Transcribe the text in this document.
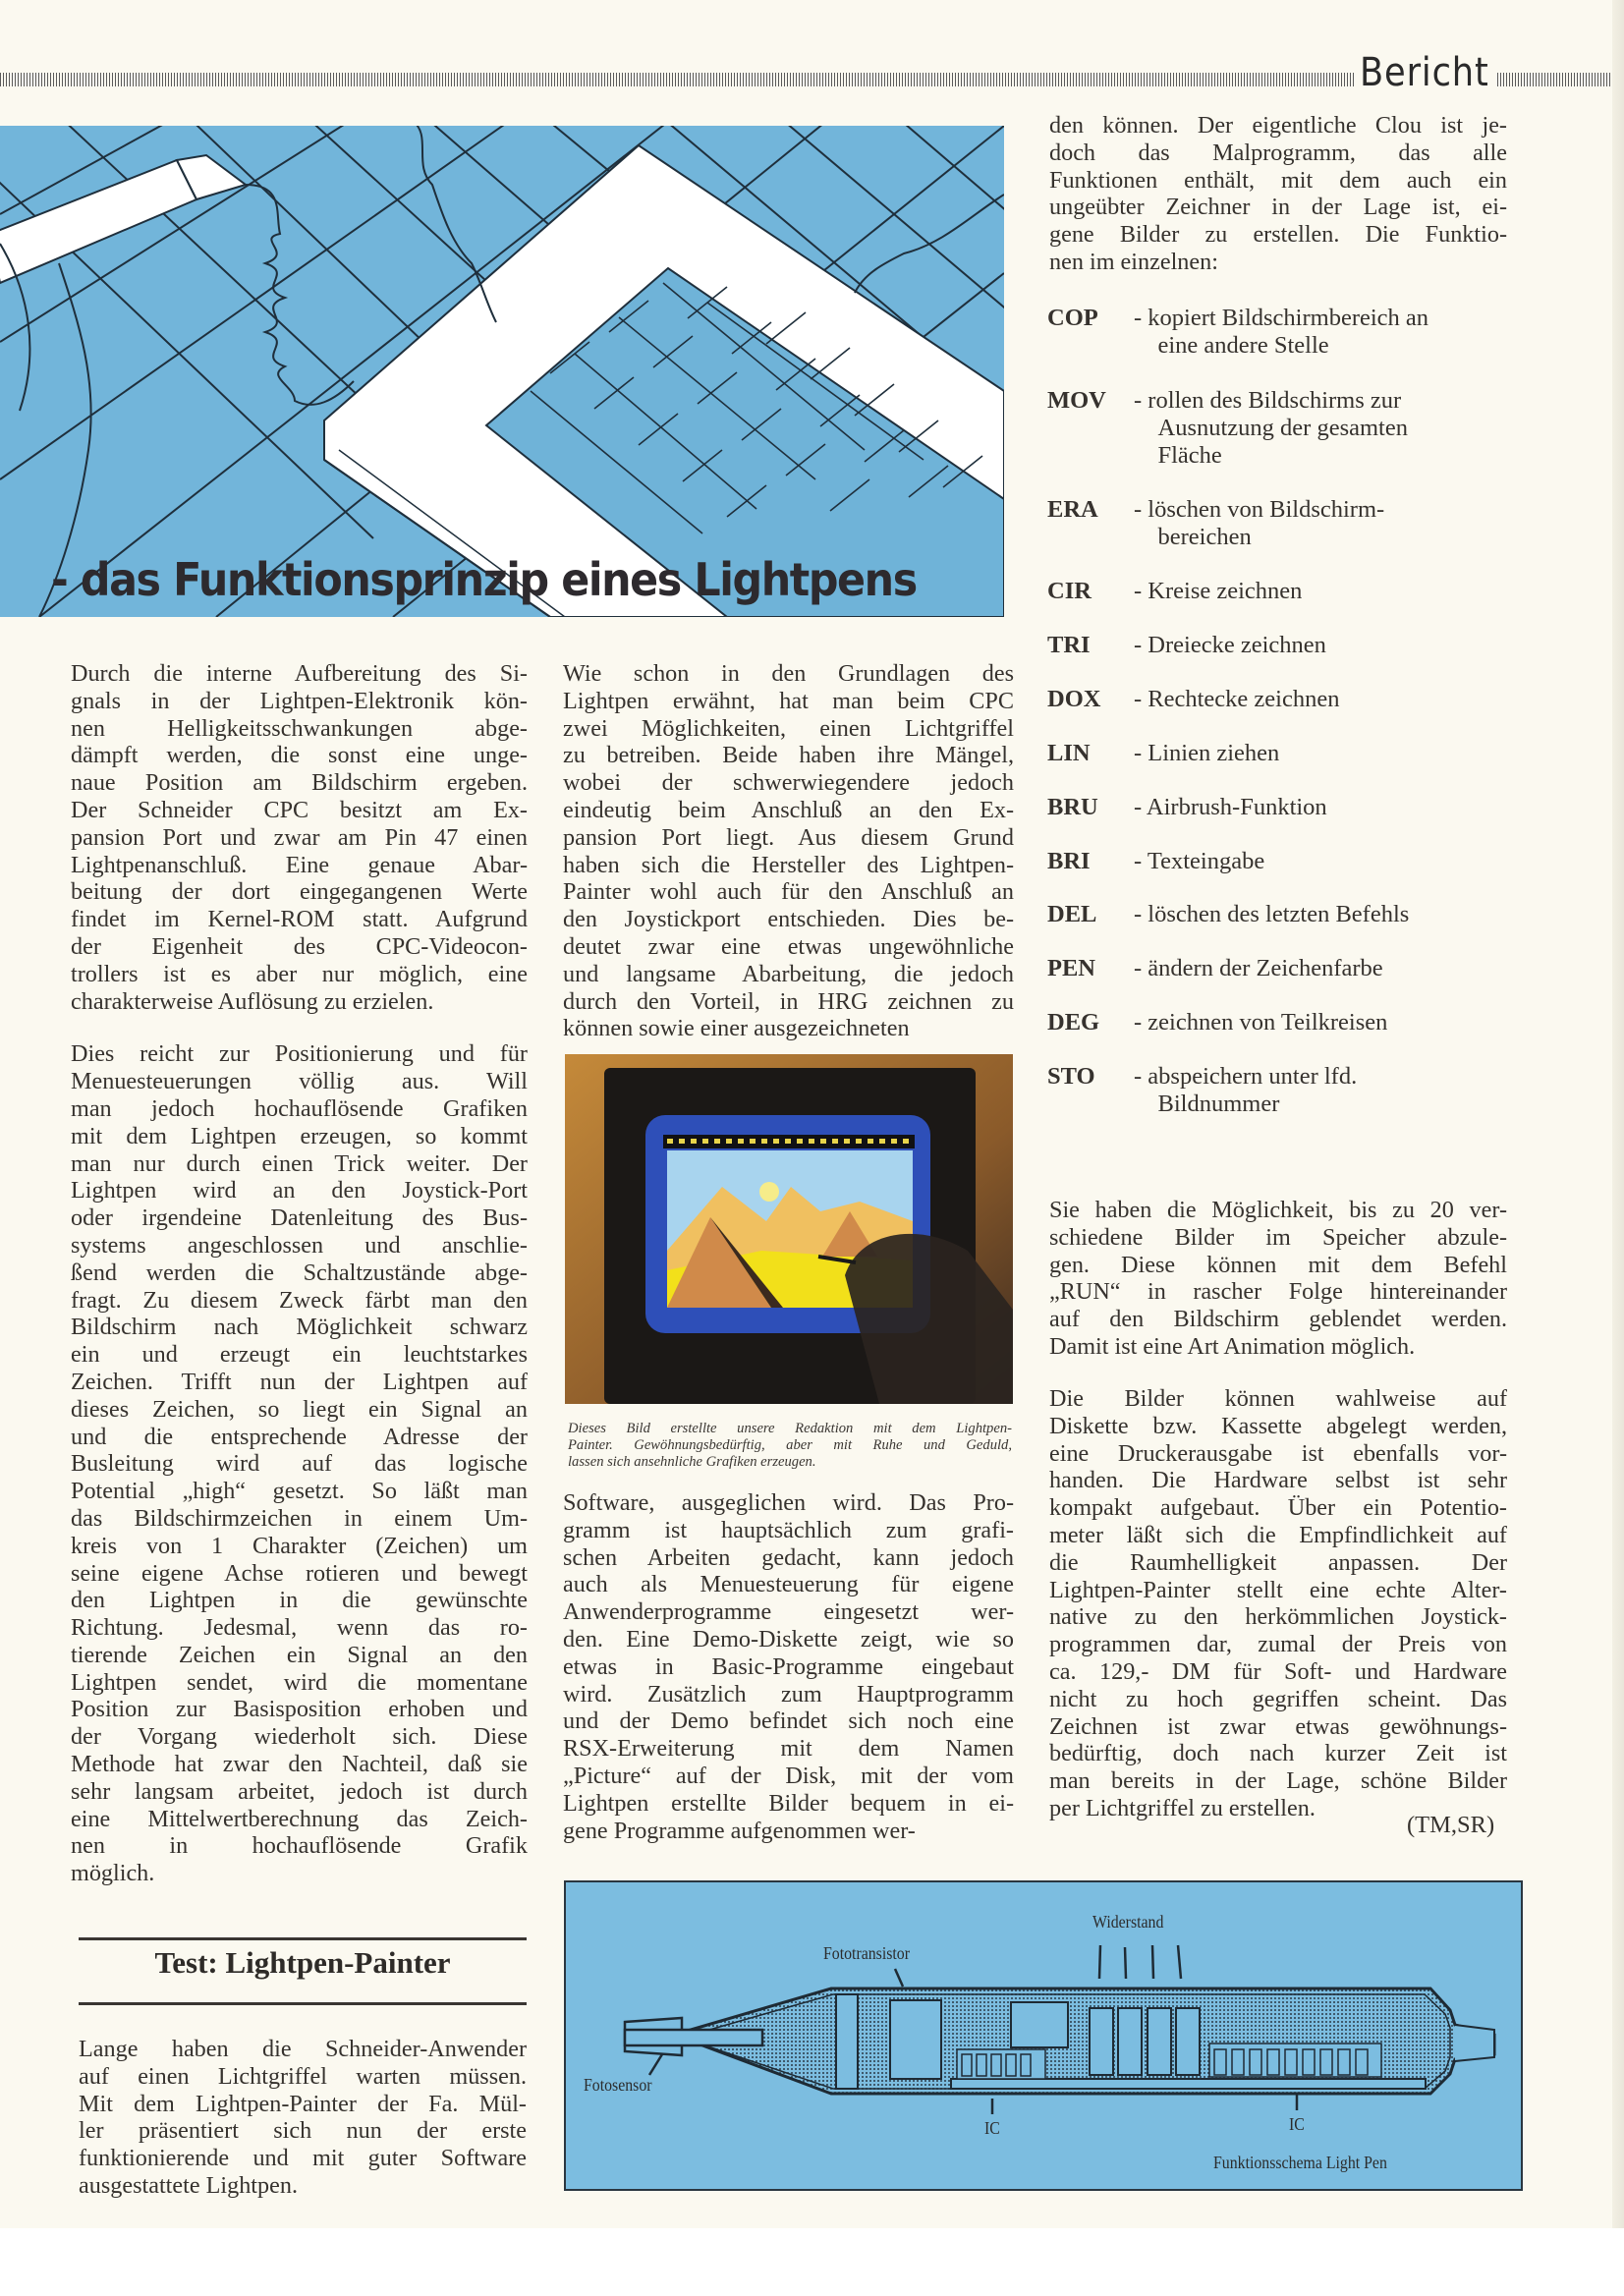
Bericht
- das Funktionsprinzip eines Lightpens
Durch die interne Aufbereitung des Si-
gnals in der Lightpen-Elektronik kön-
nen Helligkeitsschwankungen abge-
dämpft werden, die sonst eine unge-
naue Position am Bildschirm ergeben.
Der Schneider CPC besitzt am Ex-
pansion Port und zwar am Pin 47 einen
Lightpenanschluß. Eine genaue Abar-
beitung der dort eingegangenen Werte
findet im Kernel-ROM statt. Aufgrund
der Eigenheit des CPC-Videocon-
trollers ist es aber nur möglich, eine
charakterweise Auflösung zu erzielen.
Dies reicht zur Positionierung und für
Menuesteuerungen völlig aus. Will
man jedoch hochauflösende Grafiken
mit dem Lightpen erzeugen, so kommt
man nur durch einen Trick weiter. Der
Lightpen wird an den Joystick-Port
oder irgendeine Datenleitung des Bus-
systems angeschlossen und anschlie-
ßend werden die Schaltzustände abge-
fragt. Zu diesem Zweck färbt man den
Bildschirm nach Möglichkeit schwarz
ein und erzeugt ein leuchtstarkes
Zeichen. Trifft nun der Lightpen auf
dieses Zeichen, so liegt ein Signal an
und die entsprechende Adresse der
Busleitung wird auf das logische
Potential „high“ gesetzt. So läßt man
das Bildschirmzeichen in einem Um-
kreis von 1 Charakter (Zeichen) um
seine eigene Achse rotieren und bewegt
den Lightpen in die gewünschte
Richtung. Jedesmal, wenn das ro-
tierende Zeichen ein Signal an den
Lightpen sendet, wird die momentane
Position zur Basisposition erhoben und
der Vorgang wiederholt sich. Diese
Methode hat zwar den Nachteil, daß sie
sehr langsam arbeitet, jedoch ist durch
eine Mittelwertberechnung das Zeich-
nen in hochauflösende Grafik
möglich.
Test: Lightpen-Painter
Lange haben die Schneider-Anwender
auf einen Lichtgriffel warten müssen.
Mit dem Lightpen-Painter der Fa. Mül-
ler präsentiert sich nun der erste
funktionierende und mit guter Software
ausgestattete Lightpen.
Wie schon in den Grundlagen des
Lightpen erwähnt, hat man beim CPC
zwei Möglichkeiten, einen Lichtgriffel
zu betreiben. Beide haben ihre Mängel,
wobei der schwerwiegendere jedoch
eindeutig beim Anschluß an den Ex-
pansion Port liegt. Aus diesem Grund
haben sich die Hersteller des Lightpen-
Painter wohl auch für den Anschluß an
den Joystickport entschieden. Dies be-
deutet zwar eine etwas ungewöhnliche
und langsame Abarbeitung, die jedoch
durch den Vorteil, in HRG zeichnen zu
können sowie einer ausgezeichneten
Dieses Bild erstellte unsere Redaktion mit dem Lightpen-
Painter. Gewöhnungsbedürftig, aber mit Ruhe und Geduld,
lassen sich ansehnliche Grafiken erzeugen.
Software, ausgeglichen wird. Das Pro-
gramm ist hauptsächlich zum grafi-
schen Arbeiten gedacht, kann jedoch
auch als Menuesteuerung für eigene
Anwenderprogramme eingesetzt wer-
den. Eine Demo-Diskette zeigt, wie so
etwas in Basic-Programme eingebaut
wird. Zusätzlich zum Hauptprogramm
und der Demo befindet sich noch eine
RSX-Erweiterung mit dem Namen
„Picture“ auf der Disk, mit der vom
Lightpen erstellte Bilder bequem in ei-
gene Programme aufgenommen wer-
den können. Der eigentliche Clou ist je-
doch das Malprogramm, das alle
Funktionen enthält, mit dem auch ein
ungeübter Zeichner in der Lage ist, ei-
gene Bilder zu erstellen. Die Funktio-
nen im einzelnen:
COP	- kopiert Bildschirmbereich an
  eine andere Stelle
MOV	- rollen des Bildschirms zur
  Ausnutzung der gesamten
  Fläche
ERA	- löschen von Bildschirm-
  bereichen
CIR	- Kreise zeichnen
TRI	- Dreiecke zeichnen
DOX	- Rechtecke zeichnen
LIN	- Linien ziehen
BRU	- Airbrush-Funktion
BRI	- Texteingabe
DEL	- löschen des letzten Befehls
PEN	- ändern der Zeichenfarbe
DEG	- zeichnen von Teilkreisen
STO	- abspeichern unter lfd.
  Bildnummer
Sie haben die Möglichkeit, bis zu 20 ver-
schiedene Bilder im Speicher abzule-
gen. Diese können mit dem Befehl
„RUN“ in rascher Folge hintereinander
auf den Bildschirm geblendet werden.
Damit ist eine Art Animation möglich.
Die Bilder können wahlweise auf
Diskette bzw. Kassette abgelegt werden,
eine Druckerausgabe ist ebenfalls vor-
handen. Die Hardware selbst ist sehr
kompakt aufgebaut. Über ein Potentio-
meter läßt sich die Empfindlichkeit auf
die Raumhelligkeit anpassen. Der
Lightpen-Painter stellt eine echte Alter-
native zu den herkömmlichen Joystick-
programmen dar, zumal der Preis von
ca. 129,- DM für Soft- und Hardware
nicht zu hoch gegriffen scheint. Das
Zeichnen ist zwar etwas gewöhnungs-
bedürftig, doch nach kurzer Zeit ist
man bereits in der Lage, schöne Bilder
per Lichtgriffel zu erstellen.
(TM,SR)
Widerstand
Fototransistor
Fotosensor
IC	IC
Funktionsschema Light Pen
